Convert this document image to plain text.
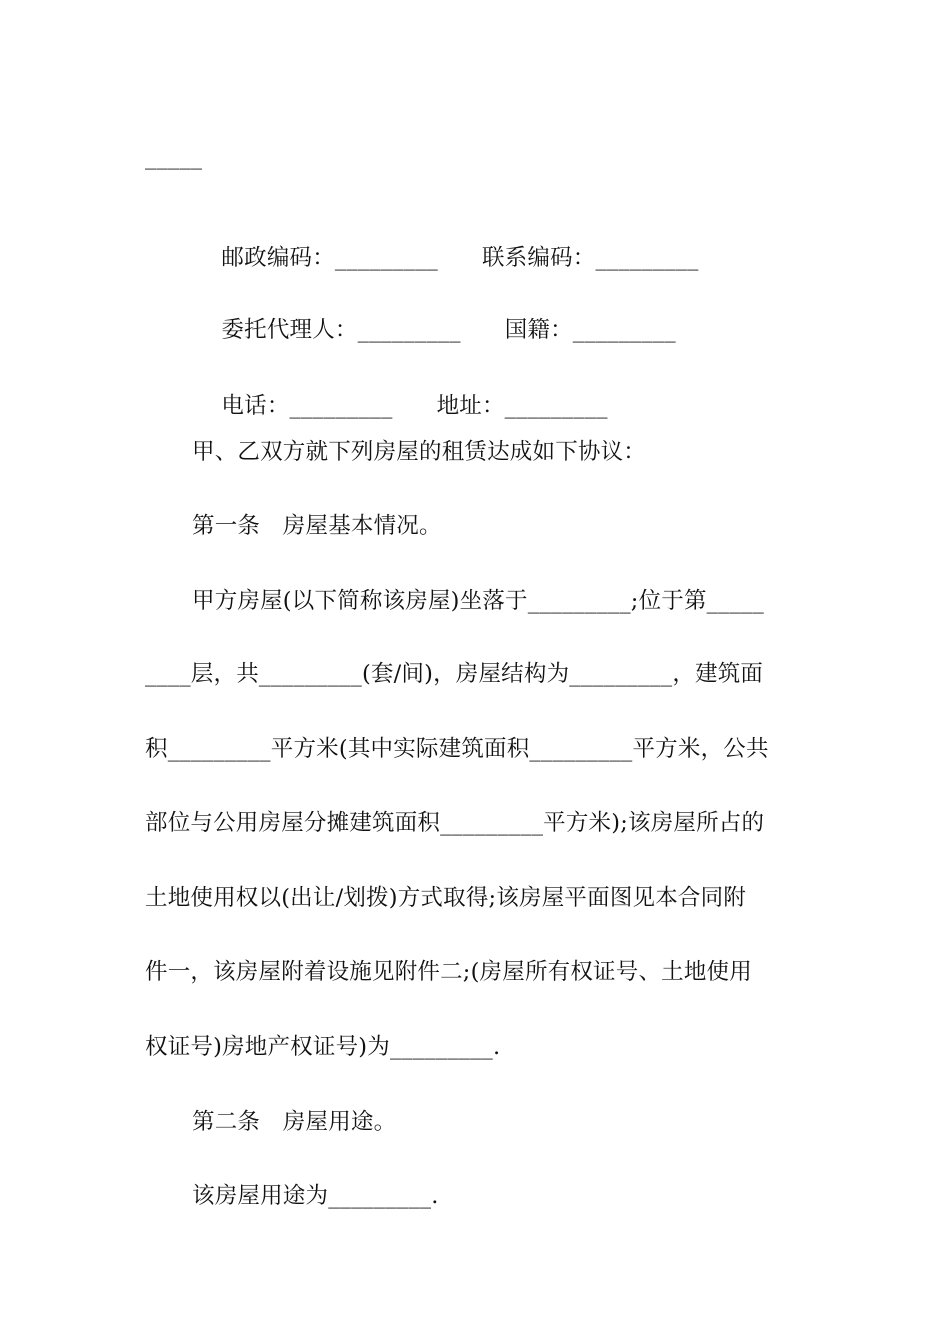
_____

邮政编码：_________ 联系编码：_________

委托代理人：_________ 国籍：_________

电话：_________ 地址：_________

甲、乙双方就下列房屋的租赁达成如下协议：
第一条　房屋基本情况。
甲方房屋(以下简称该房屋)坐落于_________;位于第_____
____层，共_________(套/间)，房屋结构为_________，建筑面
积_________平方米(其中实际建筑面积_________平方米，公共
部位与公用房屋分摊建筑面积_________平方米);该房屋所占的
土地使用权以(出让/划拨)方式取得;该房屋平面图见本合同附
件一，该房屋附着设施见附件二;(房屋所有权证号、土地使用
权证号)房地产权证号)为_________.
第二条　房屋用途。
该房屋用途为_________.
